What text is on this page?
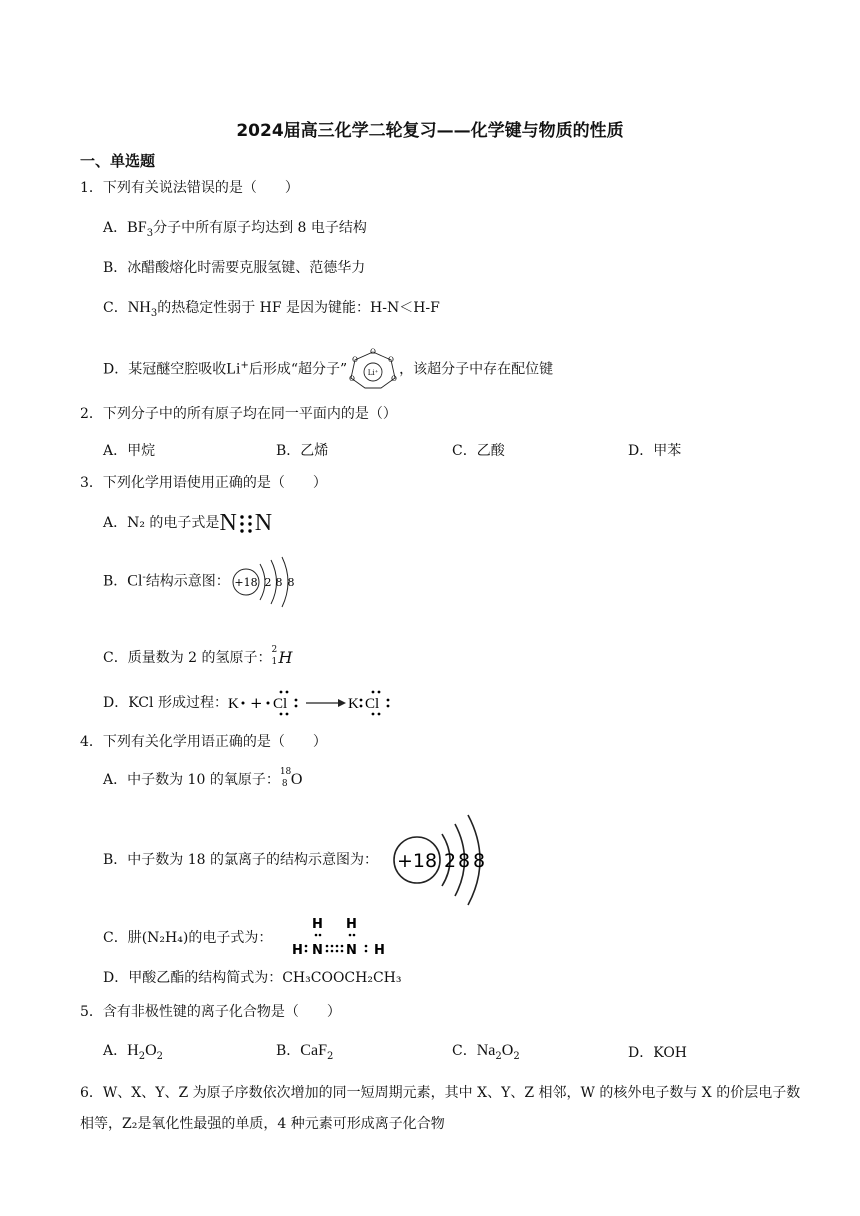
2024届高三化学二轮复习——化学键与物质的性质
一、单选题
1．下列有关说法错误的是（　　）
A．$BF_3$分子中所有原子均达到 8 电子结构
B．冰醋酸熔化时需要克服氢键、范德华力
C．$NH_3$的热稳定性弱于 HF 是因为键能：H-N＜H-F
D．某冠醚空腔吸收Li+后形成“超分子”	Li⁺
O
O
O
O
O
，该超分子中存在配位键
2．下列分子中的所有原子均在同一平面内的是（）
A．甲烷	B．乙烯	C．乙酸	D．甲苯
3．下列化学用语使用正确的是（　　）
A．N₂ 的电子式是N N
B．Cl-结构示意图： +18 2 8 8
C．质量数为 2 的氢原子： 2
1 H
D．KCl 形成过程： K + Cl	K Cl
4．下列有关化学用语正确的是（　　）
A．中子数为 10 的氧原子： 18
8 O
B．中子数为 18 的氯离子的结构示意图为： +18 2 8 8
C．肼(N₂H₄)的电子式为：
H H
H N N H
D．甲酸乙酯的结构简式为：CH₃COOCH₂CH₃
5．含有非极性键的离子化合物是（　　）
A．$H_2O_2$	B．CaF$_2$	C．$Na_2O_2$	D．KOH
6．W、X、Y、Z 为原子序数依次增加的同一短周期元素，其中 X、Y、Z 相邻，W 的核外电子数与 X 的价层电子数相等，Z₂是氧化性最强的单质，4 种元素可形成离子化合物
